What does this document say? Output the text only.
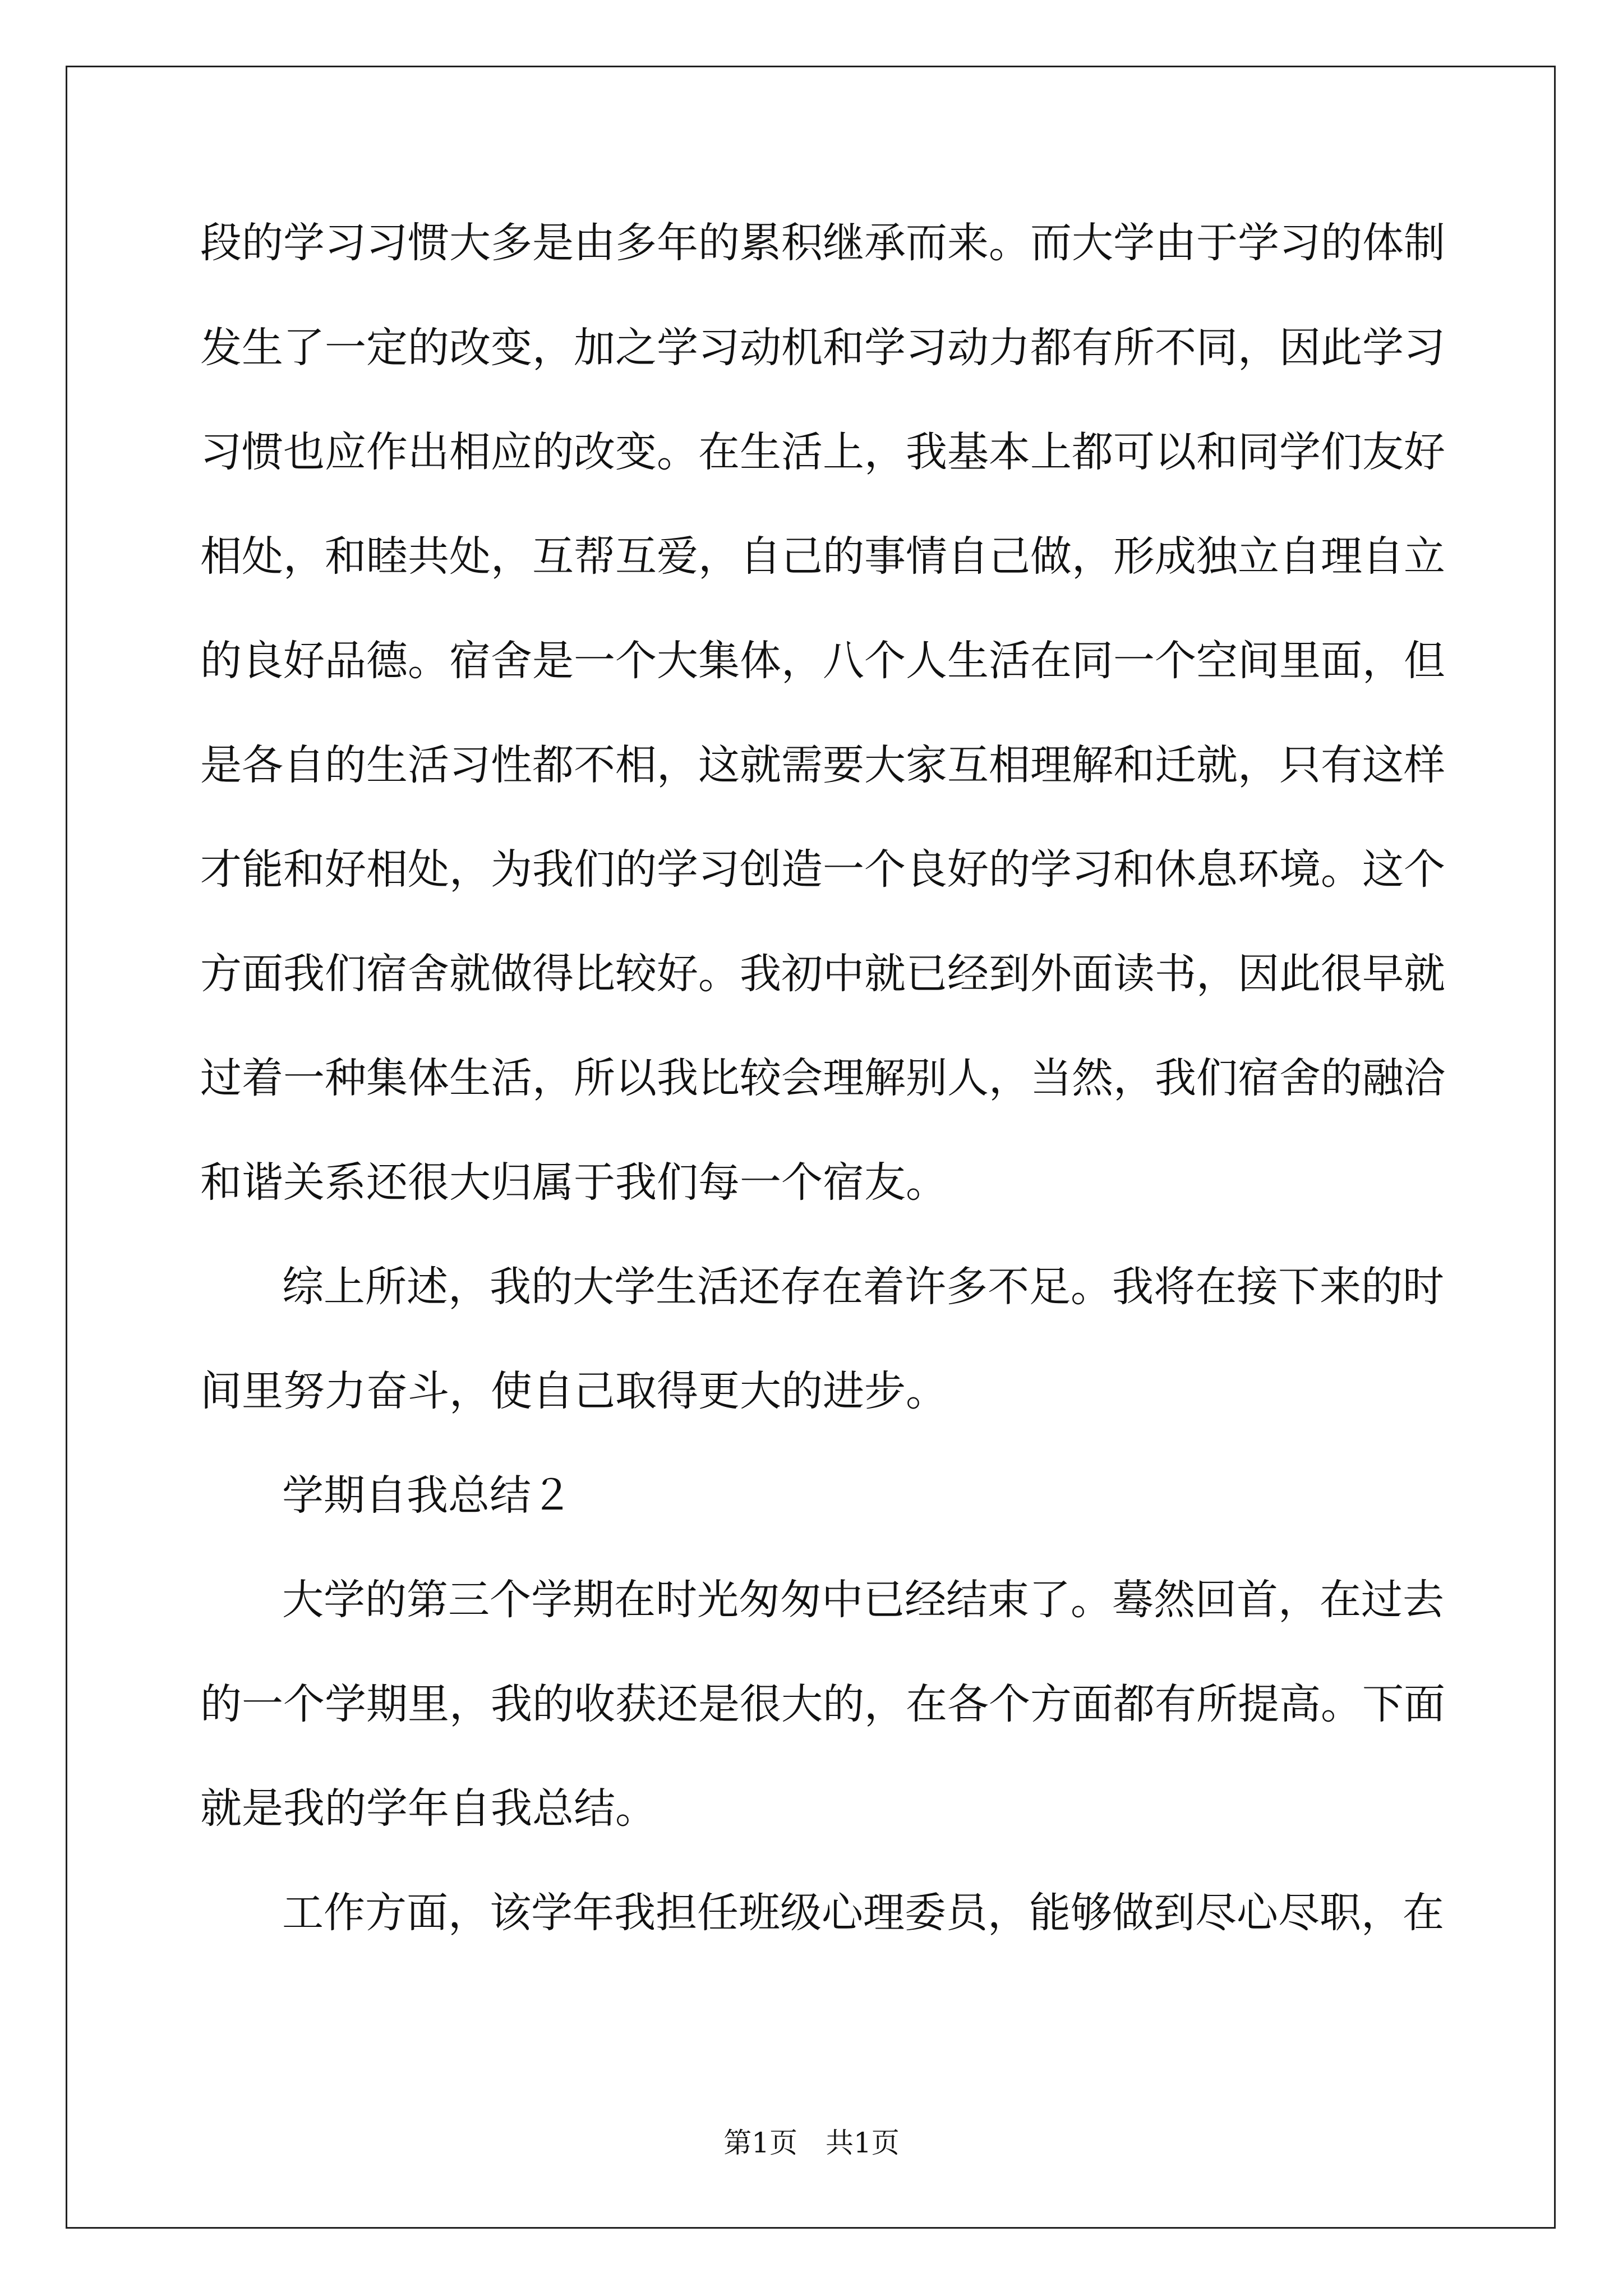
段的学习习惯大多是由多年的累积继承而来。而大学由于学习的体制

发生了一定的改变，加之学习动机和学习动力都有所不同，因此学习

习惯也应作出相应的改变。在生活上，我基本上都可以和同学们友好

相处，和睦共处，互帮互爱，自己的事情自己做，形成独立自理自立

的良好品德。宿舍是一个大集体，八个人生活在同一个空间里面，但

是各自的生活习性都不相，这就需要大家互相理解和迁就，只有这样

才能和好相处，为我们的学习创造一个良好的学习和休息环境。这个

方面我们宿舍就做得比较好。我初中就已经到外面读书，因此很早就

过着一种集体生活，所以我比较会理解别人，当然，我们宿舍的融洽

和谐关系还很大归属于我们每一个宿友。

综上所述，我的大学生活还存在着许多不足。我将在接下来的时

间里努力奋斗，使自己取得更大的进步。

学期自我总结２

大学的第三个学期在时光匆匆中已经结束了。蓦然回首，在过去

的一个学期里，我的收获还是很大的，在各个方面都有所提高。下面

就是我的学年自我总结。

工作方面，该学年我担任班级心理委员，能够做到尽心尽职，在

第1页　共1页
